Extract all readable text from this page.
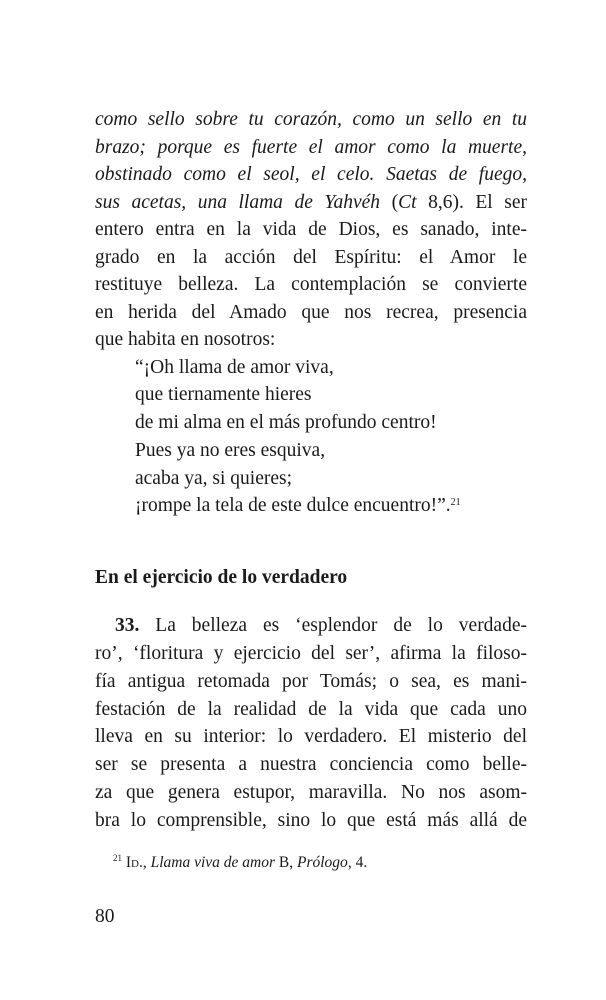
como sello sobre tu corazón, como un sello en tu
brazo; porque es fuerte el amor como la muerte,
obstinado como el seol, el celo. Saetas de fuego,
sus acetas, una llama de Yahvéh (Ct 8,6). El ser
entero entra en la vida de Dios, es sanado, inte-
grado en la acción del Espíritu: el Amor le
restituye belleza. La contemplación se convierte
en herida del Amado que nos recrea, presencia
que habita en nosotros:
“¡Oh llama de amor viva,
que tiernamente hieres
de mi alma en el más profundo centro!
Pues ya no eres esquiva,
acaba ya, si quieres;
¡rompe la tela de este dulce encuentro!”.$^{21}$
En el ejercicio de lo verdadero
33. La belleza es ‘esplendor de lo verdade-
ro’, ‘floritura y ejercicio del ser’, afirma la filoso-
fía antigua retomada por Tomás; o sea, es mani-
festación de la realidad de la vida que cada uno
lleva en su interior: lo verdadero. El misterio del
ser se presenta a nuestra conciencia como belle-
za que genera estupor, maravilla. No nos asom-
bra lo comprensible, sino lo que está más allá de
$^{21}$ Id., Llama viva de amor B, Prólogo, 4.
80
